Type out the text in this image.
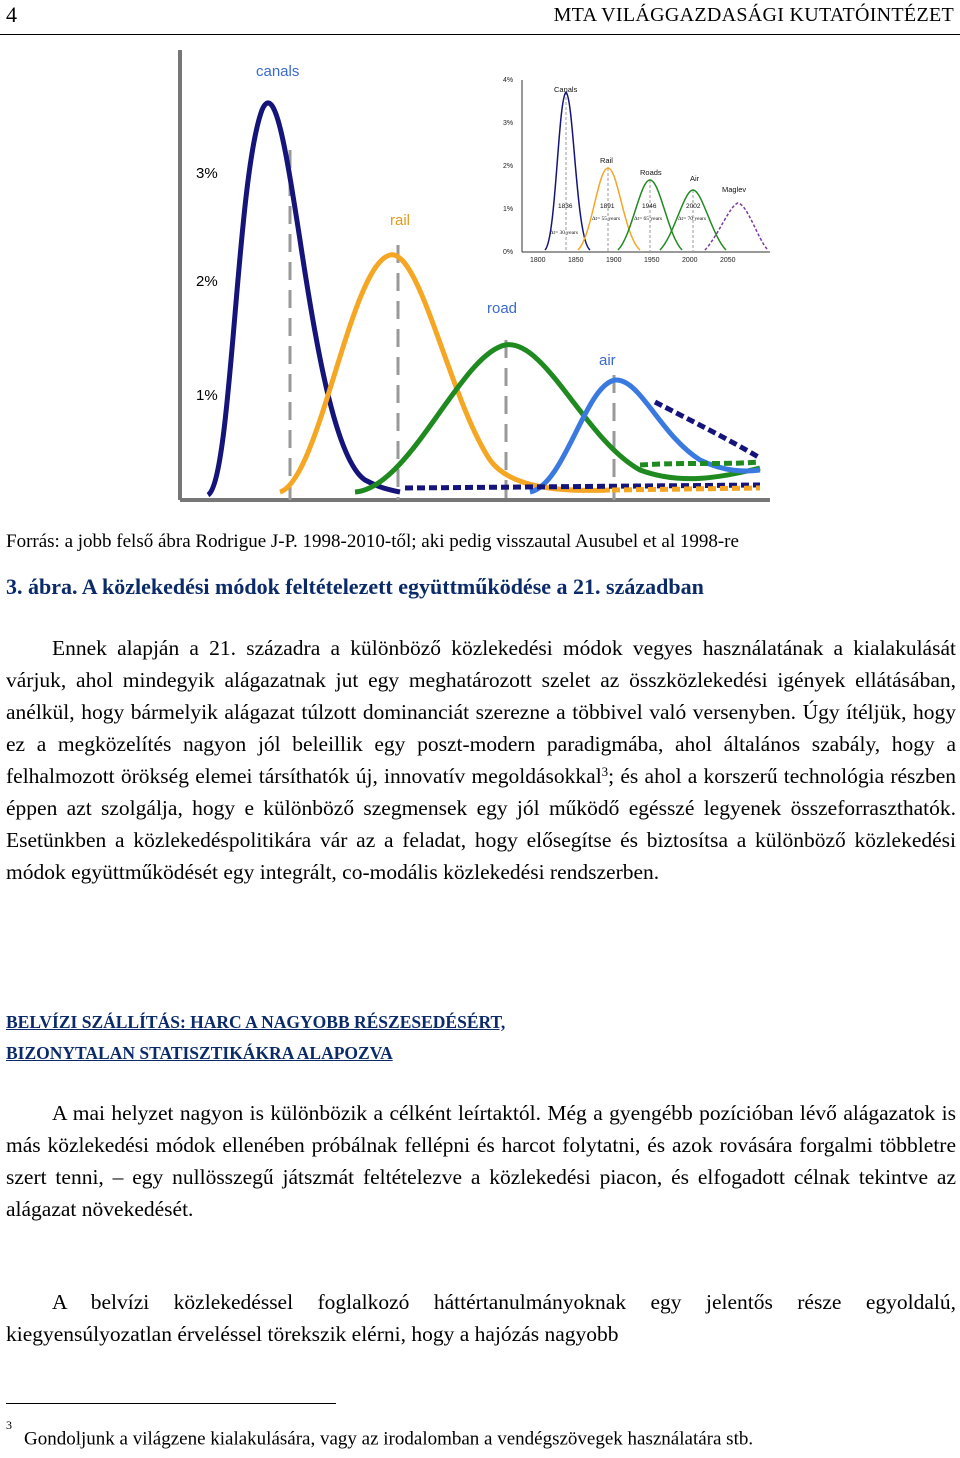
4	MTA VILÁGGAZDASÁGI KUTATÓINTÉZET
3%
2%
1%
canals
rail
road
air
4%
3%
2%
1%
0%
1800	1850	1900	1950	2000	2050
Canals
Rail
Roads
Air
Maglev
1836	1891	1946	2002
Δt= 30 years
Δt= 55 years	Δt= 65 years	Δt= 70 years
Forrás: a jobb felső ábra Rodrigue J-P. 1998-2010-től; aki pedig visszautal Ausubel et al 1998-re
3. ábra. A közlekedési módok feltételezett együttműködése a 21. században

Ennek alapján a 21. századra a különböző közlekedési módok vegyes használatának a kialakulását várjuk, ahol mindegyik alágazatnak jut egy meghatározott szelet az összközlekedési igények ellátásában, anélkül, hogy bármelyik alágazat túlzott dominanciát szerezne a többivel való versenyben. Úgy ítéljük, hogy ez a megközelítés nagyon jól beleillik egy poszt-modern paradigmába, ahol általános szabály, hogy a felhalmozott örökség elemei társíthatók új, innovatív megoldásokkal$^3$; és ahol a korszerű technológia részben éppen azt szolgálja, hogy e különböző szegmensek egy jól működő egésszé legyenek összeforraszthatók. Esetünkben a közlekedéspolitikára vár az a feladat, hogy elősegítse és biztosítsa a különböző közlekedési módok együttműködését egy integrált, co-modális közlekedési rendszerben.

BELVÍZI SZÁLLÍTÁS: HARC A NAGYOBB RÉSZESEDÉSÉRT,
BIZONYTALAN STATISZTIKÁKRA ALAPOZVA

A mai helyzet nagyon is különbözik a célként leírtaktól. Még a gyengébb pozícióban lévő alágazatok is más közlekedési módok ellenében próbálnak fellépni és harcot folytatni, és azok rovására forgalmi többletre szert tenni, – egy nullösszegű játszmát feltételezve a közlekedési piacon, és elfogadott célnak tekintve az alágazat növekedését.

A belvízi közlekedéssel foglalkozó háttértanulmányoknak egy jelentős része egyoldalú, kiegyensúlyozatlan érveléssel törekszik elérni, hogy a hajózás nagyobb

$^3$Gondoljunk a világzene kialakulására, vagy az irodalomban a vendégszövegek használatára stb.
